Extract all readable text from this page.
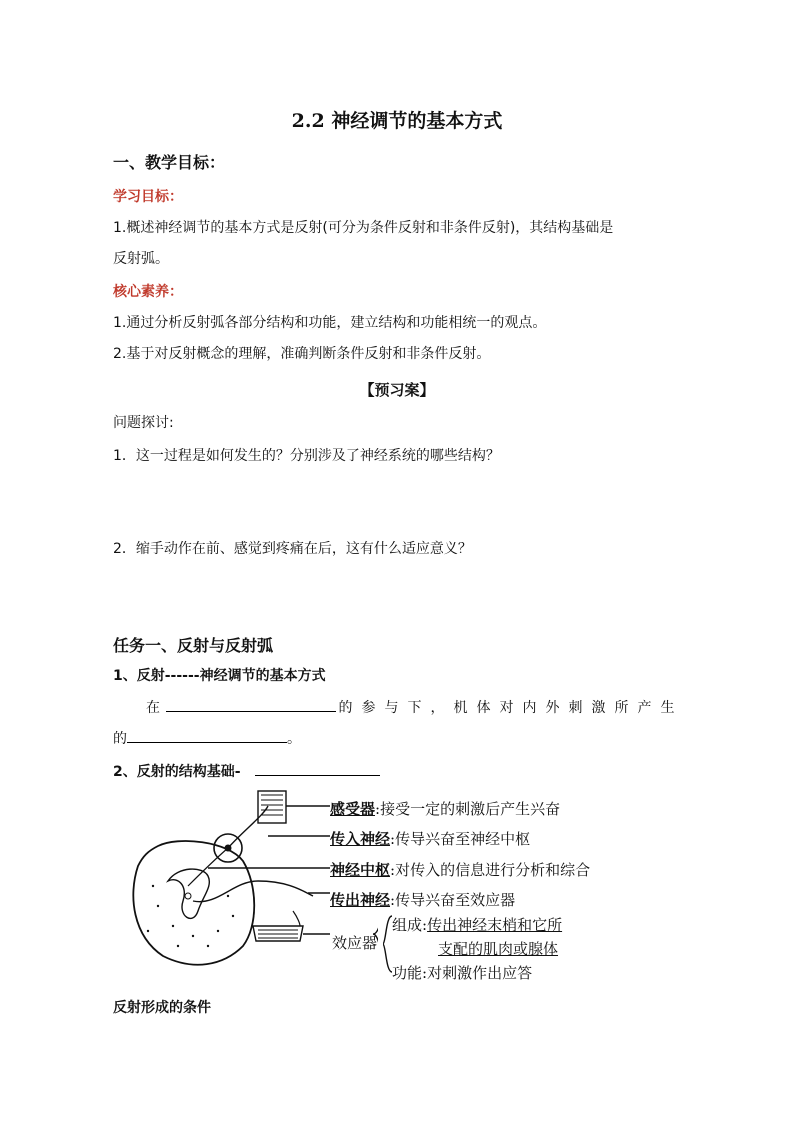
2.2 神经调节的基本方式
一、教学目标：
学习目标：
1.概述神经调节的基本方式是反射(可分为条件反射和非条件反射)，其结构基础是
反射弧。
核心素养：
1.通过分析反射弧各部分结构和功能，建立结构和功能相统一的观点。
2.基于对反射概念的理解，准确判断条件反射和非条件反射。
【预习案】
问题探讨:
1．这一过程是如何发生的？分别涉及了神经系统的哪些结构？
2．缩手动作在前、感觉到疼痛在后，这有什么适应意义？
任务一、反射与反射弧
1、反射------神经调节的基本方式
在	的参与下，机体对内外刺激所产生
的	。
2、反射的结构基础-
感受器:接受一定的刺激后产生兴奋
传入神经:传导兴奋至神经中枢
神经中枢:对传入的信息进行分析和综合
传出神经:传导兴奋至效应器
效应器
组成:传出神经末梢和它所
支配的肌肉或腺体
功能:对刺激作出应答
反射形成的条件
